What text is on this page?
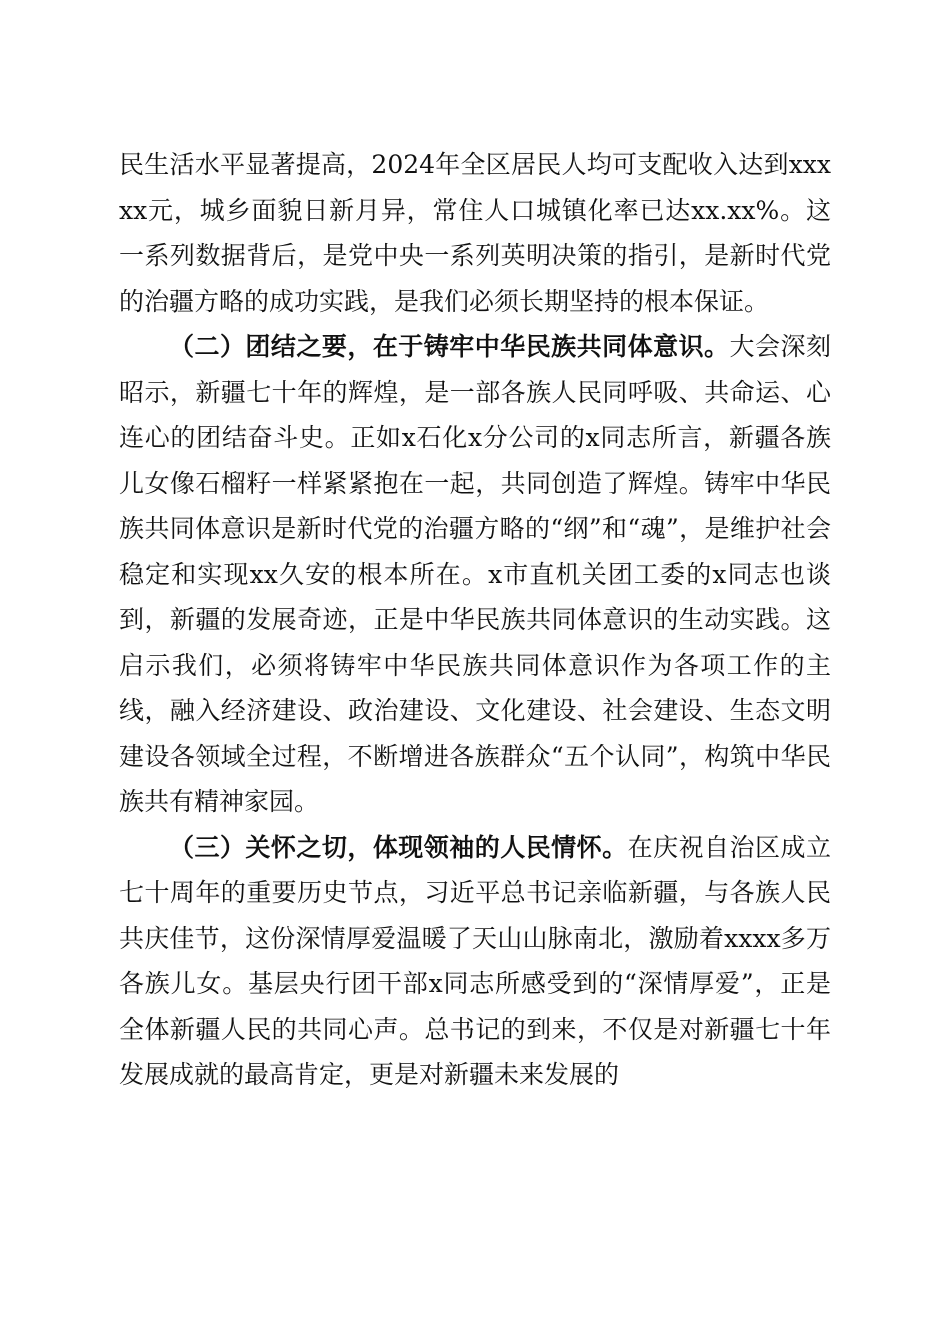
民生活水平显著提高，2024年全区居民人均可支配收入达到xxxxx元，城乡面貌日新月异，常住人口城镇化率已达xx.xx%。这一系列数据背后，是党中央一系列英明决策的指引，是新时代党的治疆方略的成功实践，是我们必须长期坚持的根本保证。

（二）团结之要，在于铸牢中华民族共同体意识。大会深刻昭示，新疆七十年的辉煌，是一部各族人民同呼吸、共命运、心连心的团结奋斗史。正如x石化x分公司的x同志所言，新疆各族儿女像石榴籽一样紧紧抱在一起，共同创造了辉煌。铸牢中华民族共同体意识是新时代党的治疆方略的“纲”和“魂”，是维护社会稳定和实现xx久安的根本所在。x市直机关团工委的x同志也谈到，新疆的发展奇迹，正是中华民族共同体意识的生动实践。这启示我们，必须将铸牢中华民族共同体意识作为各项工作的主线，融入经济建设、政治建设、文化建设、社会建设、生态文明建设各领域全过程，不断增进各族群众“五个认同”，构筑中华民族共有精神家园。

（三）关怀之切，体现领袖的人民情怀。在庆祝自治区成立七十周年的重要历史节点，习近平总书记亲临新疆，与各族人民共庆佳节，这份深情厚爱温暖了天山山脉南北，激励着xxxx多万各族儿女。基层央行团干部x同志所感受到的“深情厚爱”，正是全体新疆人民的共同心声。总书记的到来，不仅是对新疆七十年发展成就的最高肯定，更是对新疆未来发展的
